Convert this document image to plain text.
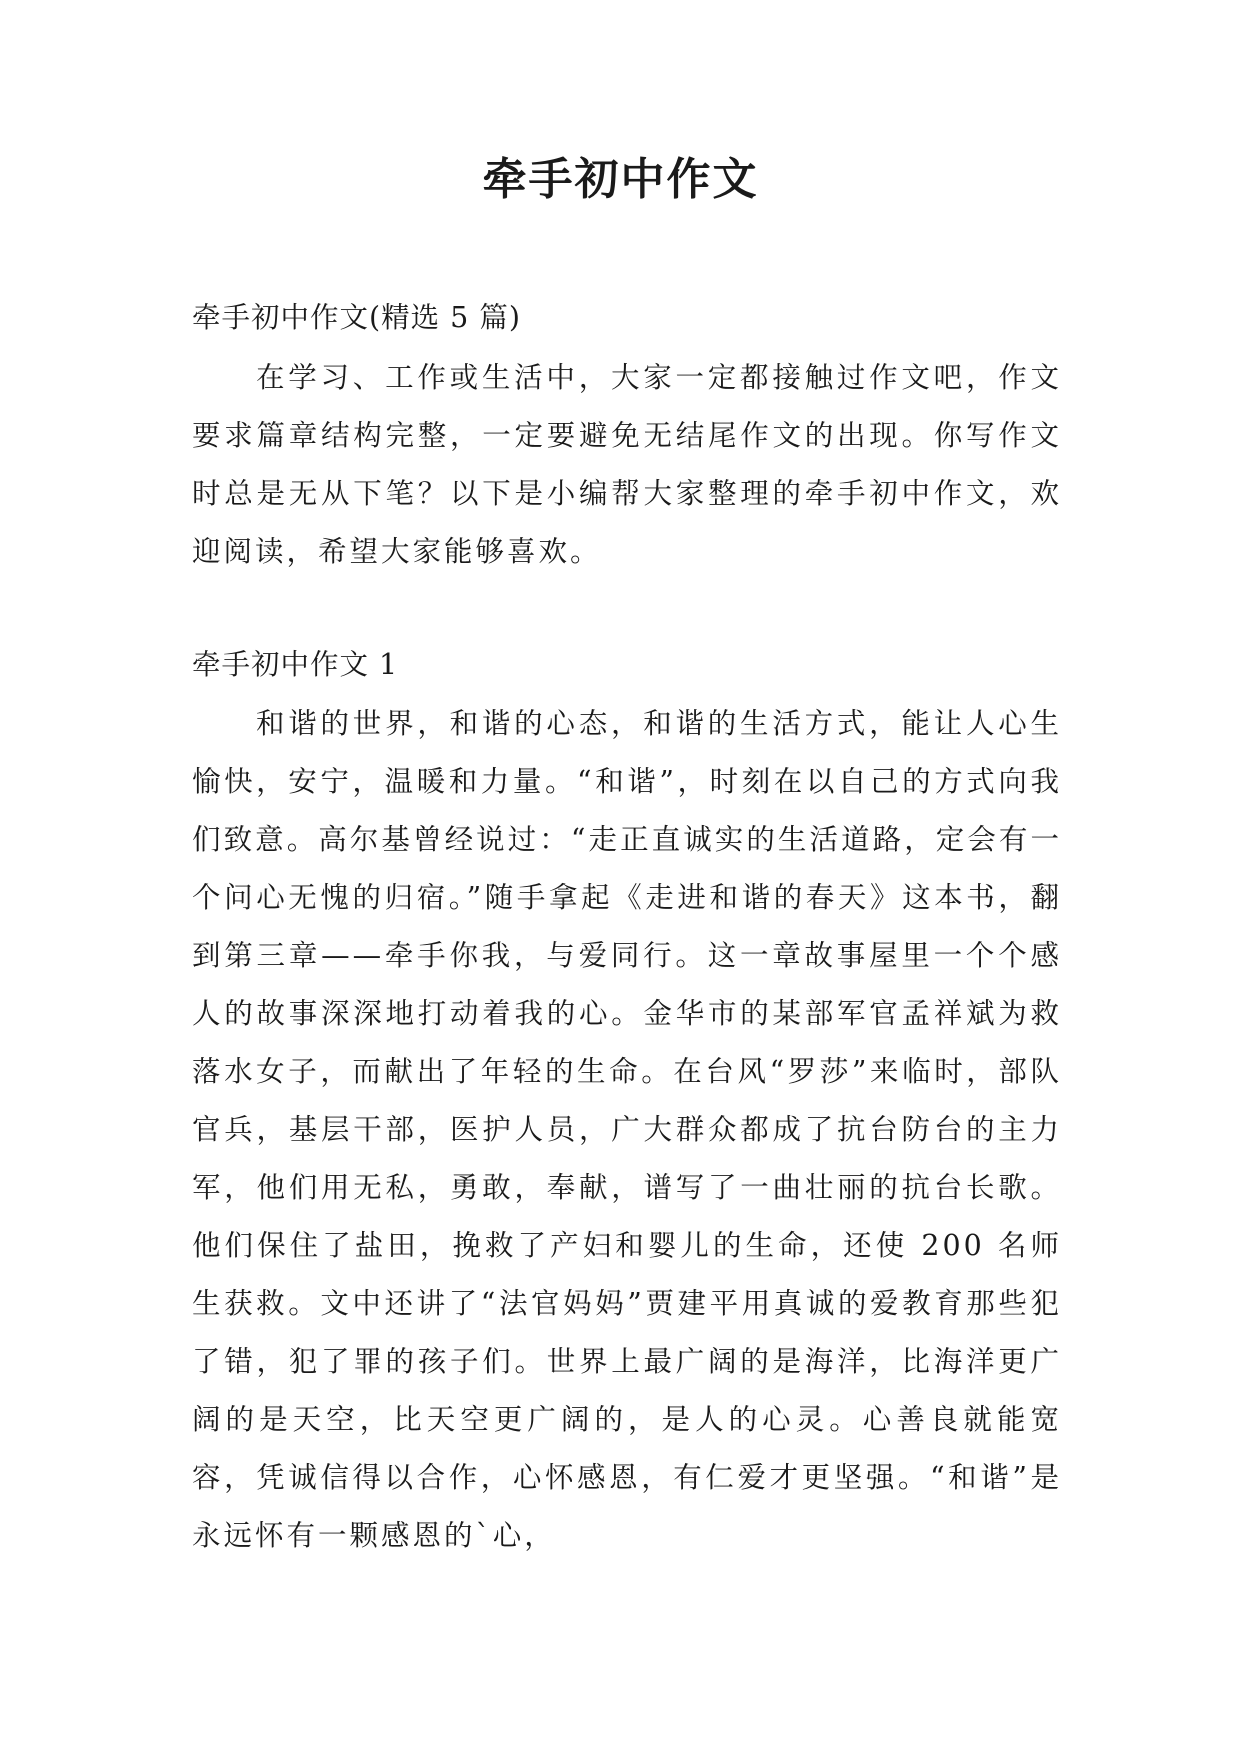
牵手初中作文

牵手初中作文(精选 5 篇)

在学习、工作或生活中，大家一定都接触过作文吧，作文要求篇章结构完整，一定要避免无结尾作文的出现。你写作文时总是无从下笔？以下是小编帮大家整理的牵手初中作文，欢迎阅读，希望大家能够喜欢。

牵手初中作文 1

和谐的世界，和谐的心态，和谐的生活方式，能让人心生愉快，安宁，温暖和力量。“和谐”，时刻在以自己的方式向我们致意。高尔基曾经说过：“走正直诚实的生活道路，定会有一个问心无愧的归宿。”随手拿起《走进和谐的春天》这本书，翻到第三章——牵手你我，与爱同行。这一章故事屋里一个个感人的故事深深地打动着我的心。金华市的某部军官孟祥斌为救落水女子，而献出了年轻的生命。在台风“罗莎”来临时，部队官兵，基层干部，医护人员，广大群众都成了抗台防台的主力军，他们用无私，勇敢，奉献，谱写了一曲壮丽的抗台长歌。他们保住了盐田，挽救了产妇和婴儿的生命，还使 200 名师生获救。文中还讲了“法官妈妈”贾建平用真诚的爱教育那些犯了错，犯了罪的孩子们。世界上最广阔的是海洋，比海洋更广阔的是天空，比天空更广阔的，是人的心灵。心善良就能宽容，凭诚信得以合作，心怀感恩，有仁爱才更坚强。“和谐”是永远怀有一颗感恩的`心，
